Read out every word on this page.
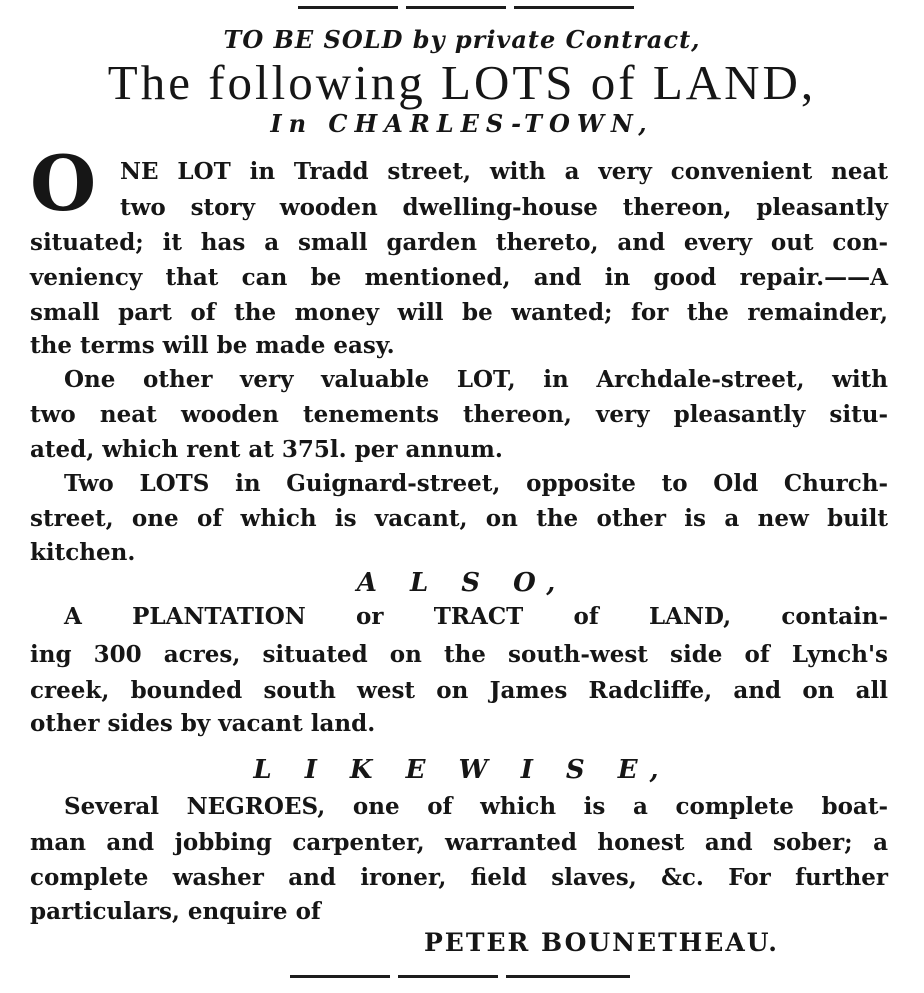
TO BE SOLD by private Contract,
The following LOTS of LAND,
In CHARLES-TOWN,
O NE LOT in Tradd street, with a very convenient neat
two story wooden dwelling-house thereon, pleasantly
situated; it has a small garden thereto, and every out con-
veniency that can be mentioned, and in good repair.——A
small part of the money will be wanted; for the remainder,
the terms will be made easy.
One other very valuable LOT, in Archdale-street, with
two neat wooden tenements thereon, very pleasantly situ-
ated, which rent at 375l. per annum.
Two LOTS in Guignard-street, opposite to Old Church-
street, one of which is vacant, on the other is a new built
kitchen.
A L S O,
A PLANTATION or TRACT of LAND, contain-
ing 300 acres, situated on the south-west side of Lynch's
creek, bounded south west on James Radcliffe, and on all
other sides by vacant land.
L I K E W I S E,
Several NEGROES, one of which is a complete boat-
man and jobbing carpenter, warranted honest and sober; a
complete washer and ironer, field slaves, &c. For further
particulars, enquire of
PETER BOUNETHEAU.
